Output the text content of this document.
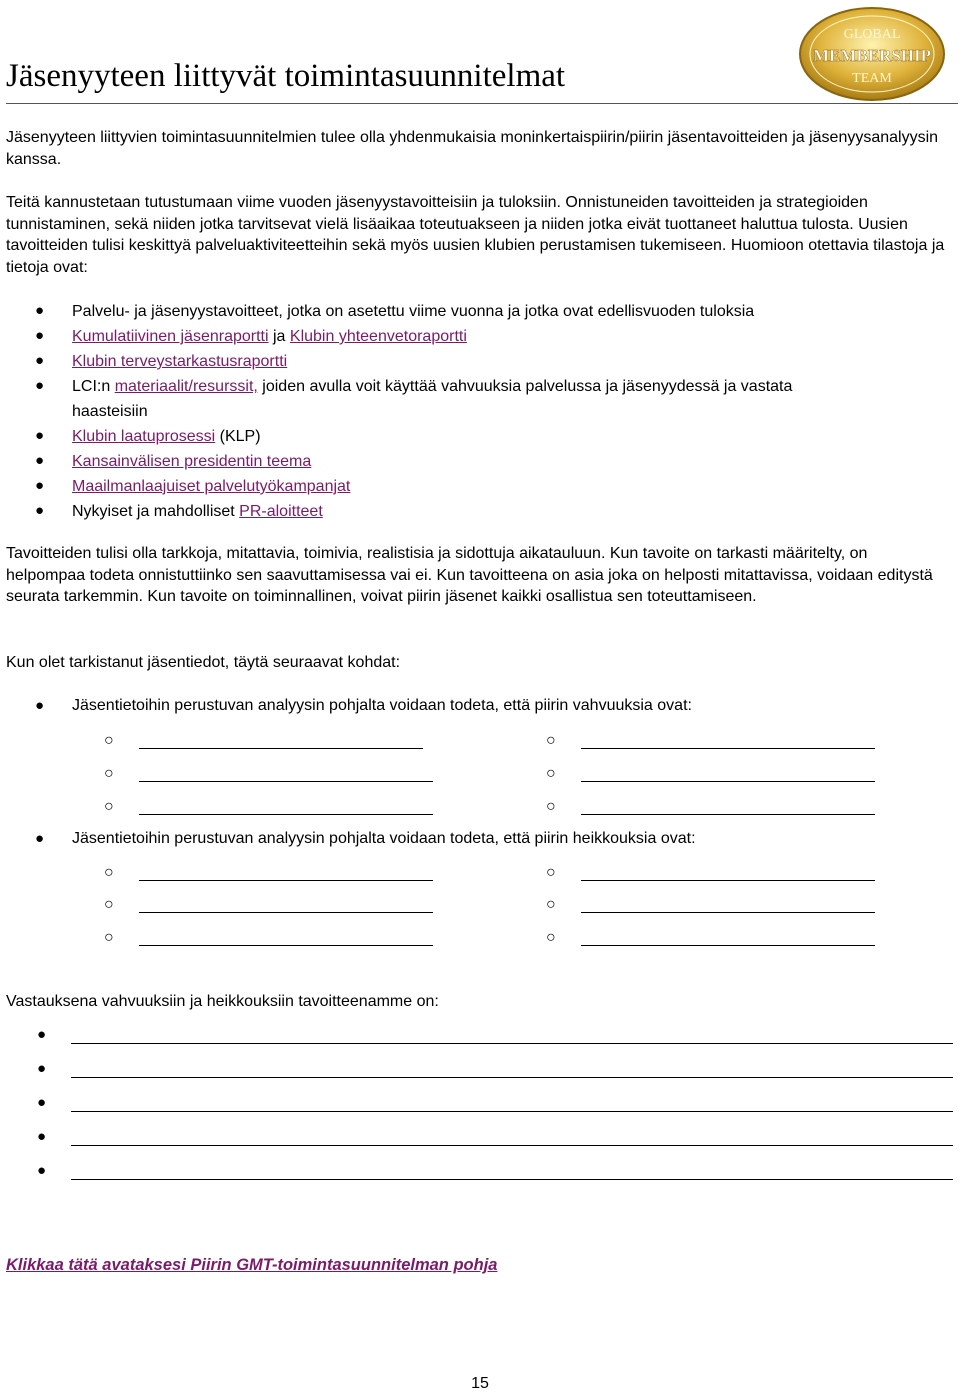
Jäsenyyteen liittyvät toimintasuunnitelmat
GLOBAL
MEMBERSHIP
TEAM
Jäsenyyteen liittyvien toimintasuunnitelmien tulee olla yhdenmukaisia moninkertaispiirin/piirin jäsentavoitteiden ja jäsenyysanalyysin kanssa.
Teitä kannustetaan tutustumaan viime vuoden jäsenyystavoitteisiin ja tuloksiin. Onnistuneiden tavoitteiden ja strategioiden tunnistaminen, sekä niiden jotka tarvitsevat vielä lisäaikaa toteutuakseen ja niiden jotka eivät tuottaneet haluttua tulosta. Uusien tavoitteiden tulisi keskittyä palveluaktiviteetteihin sekä myös uusien klubien perustamisen tukemiseen. Huomioon otettavia tilastoja ja tietoja ovat:
● Palvelu- ja jäsenyystavoitteet, jotka on asetettu viime vuonna ja jotka ovat edellisvuoden tuloksia
● Kumulatiivinen jäsenraportti ja Klubin yhteenvetoraportti
● Klubin terveystarkastusraportti
● LCI:n materiaalit/resurssit, joiden avulla voit käyttää vahvuuksia palvelussa ja jäsenyydessä ja vastata
haasteisiin
● Klubin laatuprosessi (KLP)
● Kansainvälisen presidentin teema
● Maailmanlaajuiset palvelutyökampanjat
● Nykyiset ja mahdolliset PR-aloitteet
Tavoitteiden tulisi olla tarkkoja, mitattavia, toimivia, realistisia ja sidottuja aikatauluun. Kun tavoite on tarkasti määritelty, on helpompaa todeta onnistuttiinko sen saavuttamisessa vai ei. Kun tavoitteena on asia joka on helposti mitattavissa, voidaan editystä seurata tarkemmin. Kun tavoite on toiminnallinen, voivat piirin jäsenet kaikki osallistua sen toteuttamiseen.
Kun olet tarkistanut jäsentiedot, täytä seuraavat kohdat:
● Jäsentietoihin perustuvan analyysin pohjalta voidaan todeta, että piirin vahvuuksia ovat:
○	○
○	○
○	○
● Jäsentietoihin perustuvan analyysin pohjalta voidaan todeta, että piirin heikkouksia ovat:
○	○
○	○
○	○
Vastauksena vahvuuksiin ja heikkouksiin tavoitteenamme on:
●
●
●
●
●
Klikkaa tätä avataksesi Piirin GMT-toimintasuunnitelman pohja
15
